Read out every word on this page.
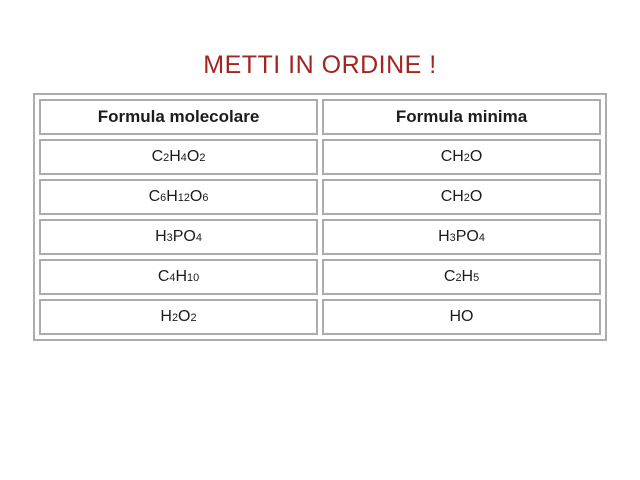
METTI IN ORDINE !
Formula molecolare	Formula minima
C2H4O2	CH2O
C6H12O6	CH2O
H3PO4	H3PO4
C4H10	C2H5
H2O2	HO
